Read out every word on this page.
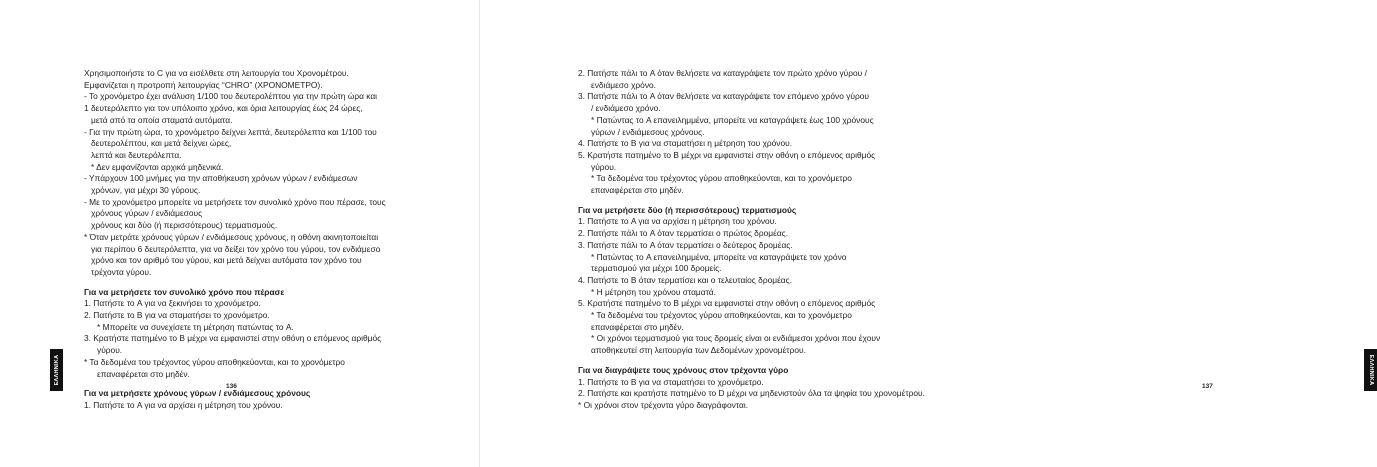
Χρησιμοποιήστε το C για να εισέλθετε στη λειτουργία του Χρονομέτρου.
Εμφανίζεται η προτροπή λειτουργίας “CHRO” (ΧΡΟΝΟΜΕΤΡΟ).
- Το χρονόμετρο έχει ανάλυση 1/100 του δευτερολέπτου για την πρώτη ώρα και
1 δευτερόλεπτο για τον υπόλοιπο χρόνο, και όρια λειτουργίας έως 24 ώρες,
μετά από τα οποία σταματά αυτόματα.
- Για την πρώτη ώρα, το χρονόμετρο δείχνει λεπτά, δευτερόλεπτα και 1/100 του
δευτερολέπτου, και μετά δείχνει ώρες,
λεπτά και δευτερόλεπτα.
* Δεν εμφανίζονται αρχικά μηδενικά.
- Υπάρχουν 100 μνήμες για την αποθήκευση χρόνων γύρων / ενδιάμεσων
χρόνων, για μέχρι 30 γύρους.
- Με το χρονόμετρο μπορείτε να μετρήσετε τον συνολικό χρόνο που πέρασε, τους
χρόνους γύρων / ενδιάμεσους
χρόνους και δύο (ή περισσότερους) τερματισμούς.
* Όταν μετράτε χρόνους γύρων / ενδιάμεσους χρόνους, η οθόνη ακινητοποιείται
για περίπου 6 δευτερόλεπτα, για να δείξει τον χρόνο του γύρου, τον ενδιάμεσο
χρόνο και τον αριθμό του γύρου, και μετά δείχνει αυτόματα τον χρόνο του
τρέχοντα γύρου.
Για να μετρήσετε τον συνολικό χρόνο που πέρασε
1. Πατήστε το A για να ξεκινήσει το χρονόμετρο.
2. Πατήστε το B για να σταματήσει το χρονόμετρο.
* Μπορείτε να συνεχίσετε τη μέτρηση πατώντας το A.
3. Κρατήστε πατημένο το B μέχρι να εμφανιστεί στην οθόνη ο επόμενος αριθμός
γύρου.
* Τα δεδομένα του τρέχοντος γύρου αποθηκεύονται, και το χρονόμετρο
επαναφέρεται στο μηδέν.
Για να μετρήσετε χρόνους γύρων / ενδιάμεσους χρόνους
1. Πατήστε το A για να αρχίσει η μέτρηση του χρόνου.
ΕΛΛΗΝΙΚΑ
136
2. Πατήστε πάλι το A όταν θελήσετε να καταγράψετε τον πρώτο χρόνο γύρου /
ενδιάμεσο χρόνο.
3. Πατήστε πάλι το A όταν θελήσετε να καταγράψετε τον επόμενο χρόνο γύρου
/ ενδιάμεσο χρόνο.
* Πατώντας το A επανειλημμένα, μπορείτε να καταγράψετε έως 100 χρόνους
γύρων / ενδιάμεσους χρόνους.
4. Πατήστε το B για να σταματήσει η μέτρηση του χρόνου.
5. Κρατήστε πατημένο το B μέχρι να εμφανιστεί στην οθόνη ο επόμενος αριθμός
γύρου.
* Τα δεδομένα του τρέχοντος γύρου αποθηκεύονται, και το χρονόμετρο
επαναφέρεται στο μηδέν.
Για να μετρήσετε δύο (ή περισσότερους) τερματισμούς
1. Πατήστε το A για να αρχίσει η μέτρηση του χρόνου.
2. Πατήστε πάλι το A όταν τερματίσει ο πρώτος δρομέας.
3. Πατήστε πάλι το A όταν τερματίσει ο δεύτερος δρομέας.
* Πατώντας το A επανειλημμένα, μπορείτε να καταγράψετε τον χρόνο
τερματισμού για μέχρι 100 δρομείς.
4. Πατήστε το B όταν τερματίσει και ο τελευταίος δρομέας.
* Η μέτρηση του χρόνου σταματά.
5. Κρατήστε πατημένο το B μέχρι να εμφανιστεί στην οθόνη ο επόμενος αριθμός
* Τα δεδομένα του τρέχοντος γύρου αποθηκεύονται, και το χρονόμετρο
επαναφέρεται στο μηδέν.
* Οι χρόνοι τερματισμού για τους δρομείς είναι οι ενδιάμεσοι χρόνοι που έχουν
αποθηκευτεί στη λειτουργία των Δεδομένων χρονομέτρου.
Για να διαγράψετε τους χρόνους στον τρέχοντα γύρο
1. Πατήστε το B για να σταματήσει το χρονόμετρο.
2. Πατήστε και κρατήστε πατημένο το D μέχρι να μηδενιστούν όλα τα ψηφία του χρονομέτρου.
* Οι χρόνοι στον τρέχοντα γύρο διαγράφονται.
ΕΛΛΗΝΙΚΑ
137
